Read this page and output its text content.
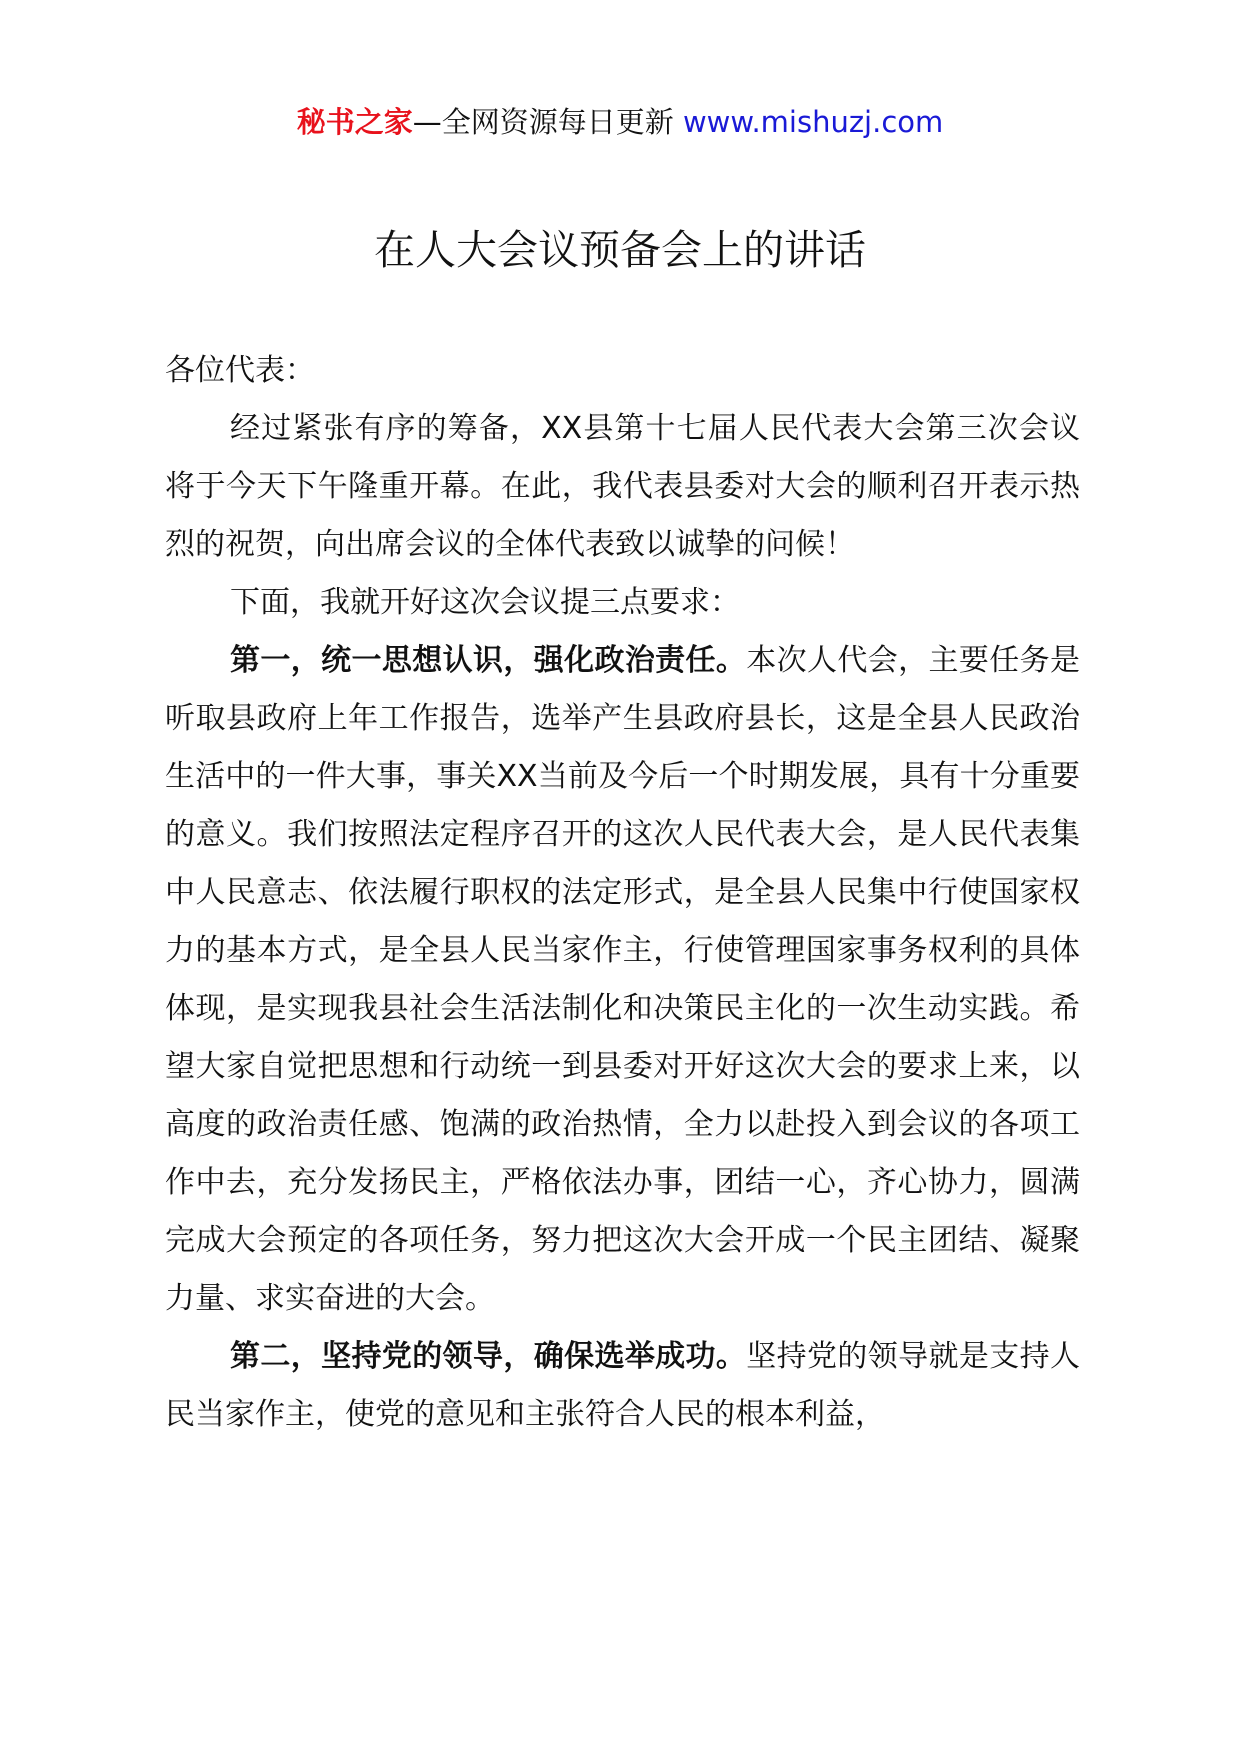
秘书之家—全网资源每日更新 www.mishuzj.com
在人大会议预备会上的讲话

各位代表：

经过紧张有序的筹备，XX县第十七届人民代表大会第三次会议将于今天下午隆重开幕。在此，我代表县委对大会的顺利召开表示热烈的祝贺，向出席会议的全体代表致以诚挚的问候！

下面，我就开好这次会议提三点要求：

第一，统一思想认识，强化政治责任。本次人代会，主要任务是听取县政府上年工作报告，选举产生县政府县长，这是全县人民政治生活中的一件大事，事关XX当前及今后一个时期发展，具有十分重要的意义。我们按照法定程序召开的这次人民代表大会，是人民代表集中人民意志、依法履行职权的法定形式，是全县人民集中行使国家权力的基本方式，是全县人民当家作主，行使管理国家事务权利的具体体现，是实现我县社会生活法制化和决策民主化的一次生动实践。希望大家自觉把思想和行动统一到县委对开好这次大会的要求上来，以高度的政治责任感、饱满的政治热情，全力以赴投入到会议的各项工作中去，充分发扬民主，严格依法办事，团结一心，齐心协力，圆满完成大会预定的各项任务，努力把这次大会开成一个民主团结、凝聚力量、求实奋进的大会。

第二，坚持党的领导，确保选举成功。坚持党的领导就是支持人民当家作主，使党的意见和主张符合人民的根本利益，
